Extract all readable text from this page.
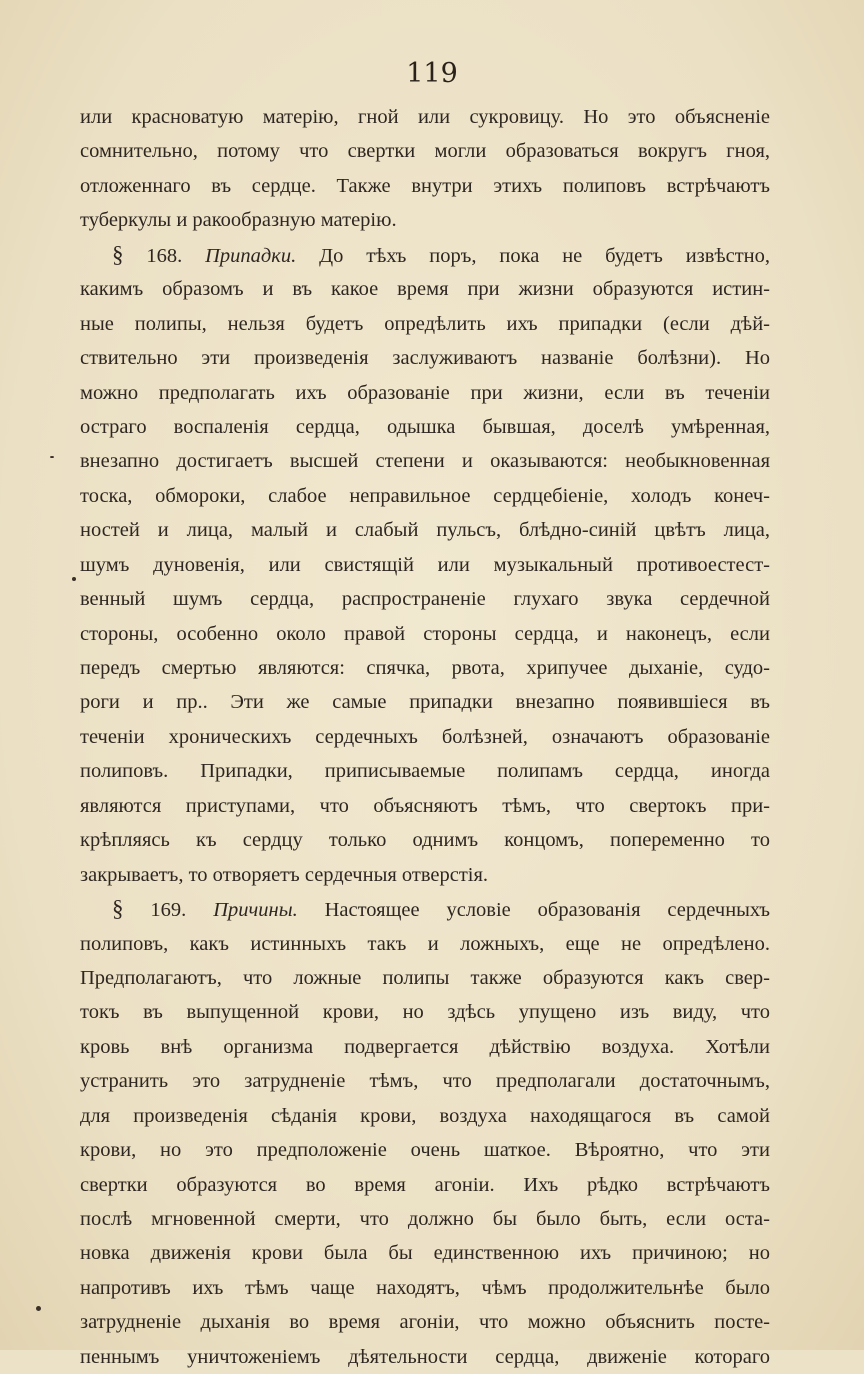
119
или красноватую матерію, гной или сукровицу. Но это объясненіе
сомнительно, потому что свертки могли образоваться вокругъ гноя,
отложеннаго въ сердце. Также внутри этихъ полиповъ встрѣчаютъ
туберкулы и ракообразную матерію.
§ 168. Припадки. До тѣхъ поръ, пока не будетъ извѣстно,
какимъ образомъ и въ какое время при жизни образуются истин-
ные полипы, нельзя будетъ опредѣлить ихъ припадки (если дѣй-
ствительно эти произведенія заслуживаютъ названіе болѣзни). Но
можно предполагать ихъ образованіе при жизни, если въ теченіи
остраго воспаленія сердца, одышка бывшая, доселѣ умѣренная,
внезапно достигаетъ высшей степени и оказываются: необыкновенная
тоска, обмороки, слабое неправильное сердцебіеніе, холодъ конеч-
ностей и лица, малый и слабый пульсъ, блѣдно-синій цвѣтъ лица,
шумъ дуновенія, или свистящій или музыкальный противоестест-
венный шумъ сердца, распространеніе глухаго звука сердечной
стороны, особенно около правой стороны сердца, и наконецъ, если
передъ смертью являются: спячка, рвота, хрипучее дыханіе, судо-
роги и пр.. Эти же самые припадки внезапно появившіеся въ
теченіи хроническихъ сердечныхъ болѣзней, означаютъ образованіе
полиповъ. Припадки, приписываемые полипамъ сердца, иногда
являются приступами, что объясняютъ тѣмъ, что свертокъ при-
крѣпляясь къ сердцу только однимъ концомъ, попеременно то
закрываетъ, то отворяетъ сердечныя отверстія.
§ 169. Причины. Настоящее условіе образованія сердечныхъ
полиповъ, какъ истинныхъ такъ и ложныхъ, еще не опредѣлено.
Предполагаютъ, что ложные полипы также образуются какъ свер-
токъ въ выпущенной крови, но здѣсь упущено изъ виду, что
кровь внѣ организма подвергается дѣйствію воздуха. Хотѣли
устранить это затрудненіе тѣмъ, что предполагали достаточнымъ,
для произведенія сѣданія крови, воздуха находящагося въ самой
крови, но это предположеніе очень шаткое. Вѣроятно, что эти
свертки образуются во время агоніи. Ихъ рѣдко встрѣчаютъ
послѣ мгновенной смерти, что должно бы было быть, если оста-
новка движенія крови была бы единственною ихъ причиною; но
напротивъ ихъ тѣмъ чаще находятъ, чѣмъ продолжительнѣе было
затрудненіе дыханія во время агоніи, что можно объяснить посте-
пеннымъ уничтоженіемъ дѣятельности сердца, движеніе котораго
